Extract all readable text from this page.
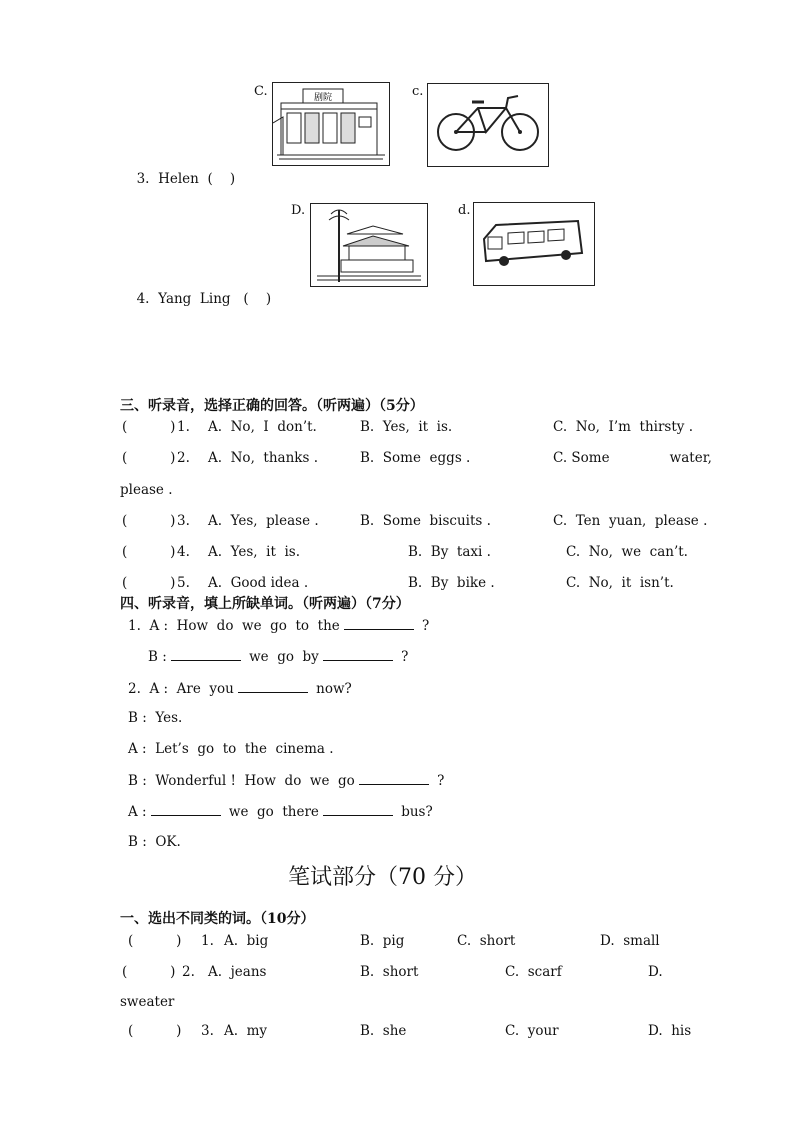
C.	剧院	c.
D.	d.

3. Helen (    )

4. Yang  Ling (    )

三、听录音，选择正确的回答。（听两遍）（5分）
(          ) 1. A.  No,  I  don’t.	B.  Yes,  it  is.	C.  No,  I’m  thirsty .
(          ) 2. A.  No,  thanks .	B.  Some  eggs .	C. Some              water,
please .
(          ) 3. A.  Yes,  please .	B.  Some  biscuits .	C.  Ten  yuan,  please .
(          ) 4. A.  Yes,  it  is.	B.  By  taxi .	C.  No,  we  can’t.
(          ) 5. A.  Good idea .	B.  By  bike .	C.  No,  it  isn’t.
四、听录音，填上所缺单词。（听两遍）（7分）
1.  A :  How  do  we  go  to  the	?
B :	we  go  by	?
2.  A :  Are  you	now?
B :  Yes.
A :  Let’s  go  to  the  cinema .
B :  Wonderful !  How  do  we  go	?
A :	we  go  there	bus?
B :  OK.
笔试部分（70 分）
一、选出不同类的词。（10分）
(          ) 1. A.  big	B.  pig	C.  short	D.  small
(          ) 2. A.  jeans	B.  short	C.  scarf	D.
sweater
(          ) 3. A.  my	B.  she	C.  your	D.  his
